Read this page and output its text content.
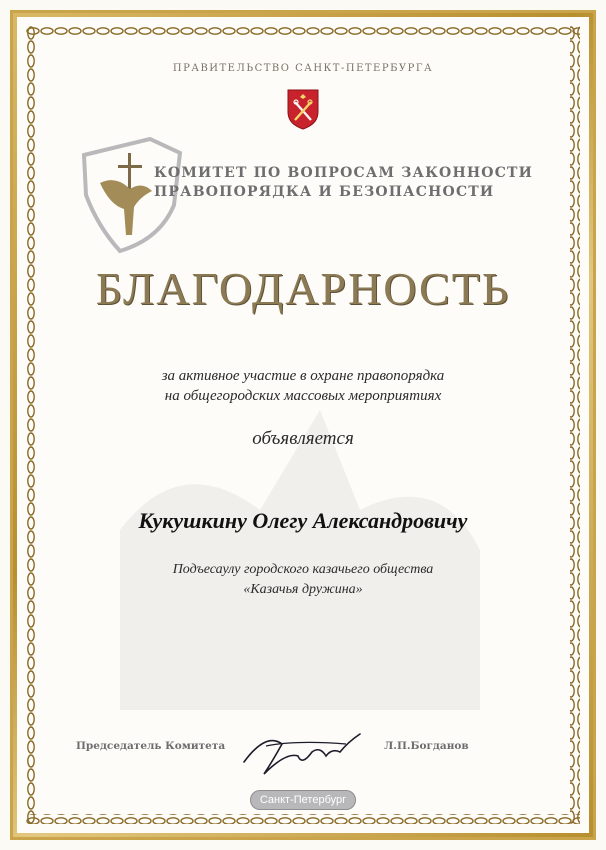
ПРАВИТЕЛЬСТВО САНКТ-ПЕТЕРБУРГА
КОМИТЕТ ПО ВОПРОСАМ ЗАКОННОСТИ
ПРАВОПОРЯДКА И БЕЗОПАСНОСТИ
БЛАГОДАРНОСТЬ
за активное участие в охране правопорядка
на общегородских массовых мероприятиях
объявляется
Кукушкину Олегу Александровичу
Подъесаулу городского казачьего общества
«Казачья дружина»
Председатель Комитета	Л.П.Богданов
Санкт-Петербург
